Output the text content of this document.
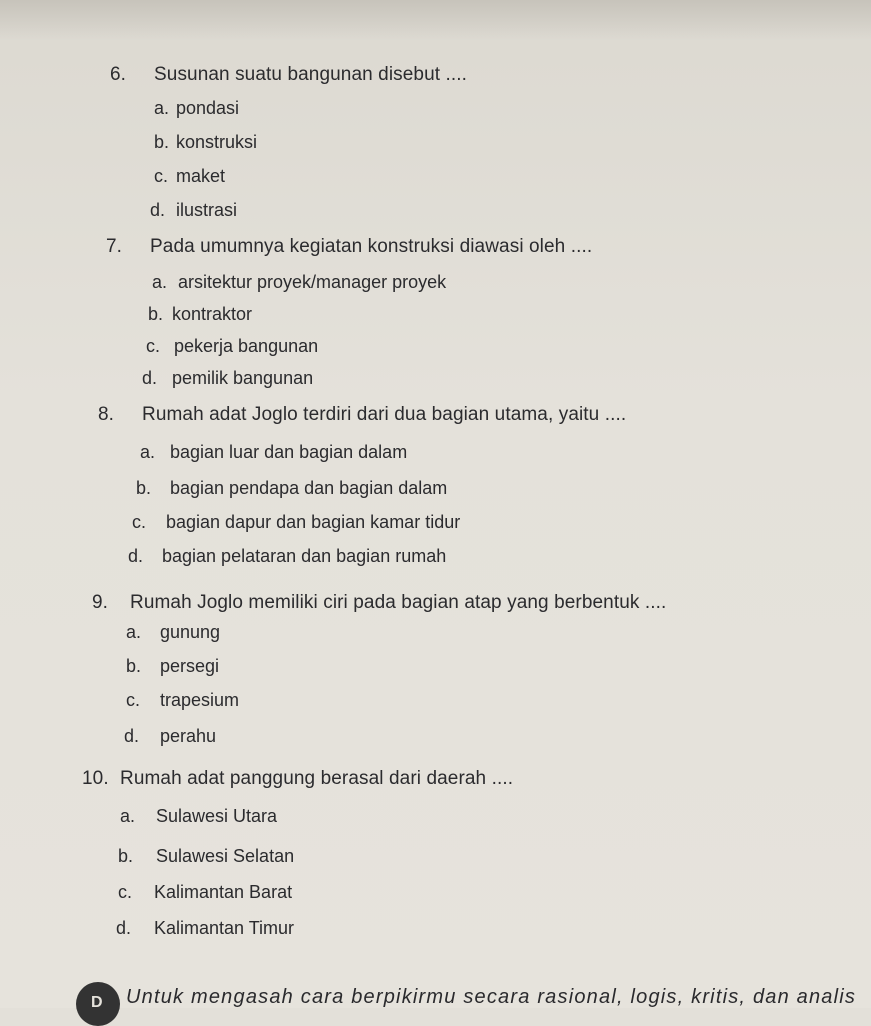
6. Susunan suatu bangunan disebut ....
a. pondasi
b. konstruksi
c. maket
d. ilustrasi
7. Pada umumnya kegiatan konstruksi diawasi oleh ....
a. arsitektur proyek/manager proyek
b. kontraktor
c. pekerja bangunan
d. pemilik bangunan
8. Rumah adat Joglo terdiri dari dua bagian utama, yaitu ....
a. bagian luar dan bagian dalam
b. bagian pendapa dan bagian dalam
c. bagian dapur dan bagian kamar tidur
d. bagian pelataran dan bagian rumah
9. Rumah Joglo memiliki ciri pada bagian atap yang berbentuk ....
a. gunung
b. persegi
c. trapesium
d. perahu
10. Rumah adat panggung berasal dari daerah ....
a. Sulawesi Utara
b. Sulawesi Selatan
c. Kalimantan Barat
d. Kalimantan Timur
D Untuk mengasah cara berpikirmu secara rasional, logis, kritis, dan analis
